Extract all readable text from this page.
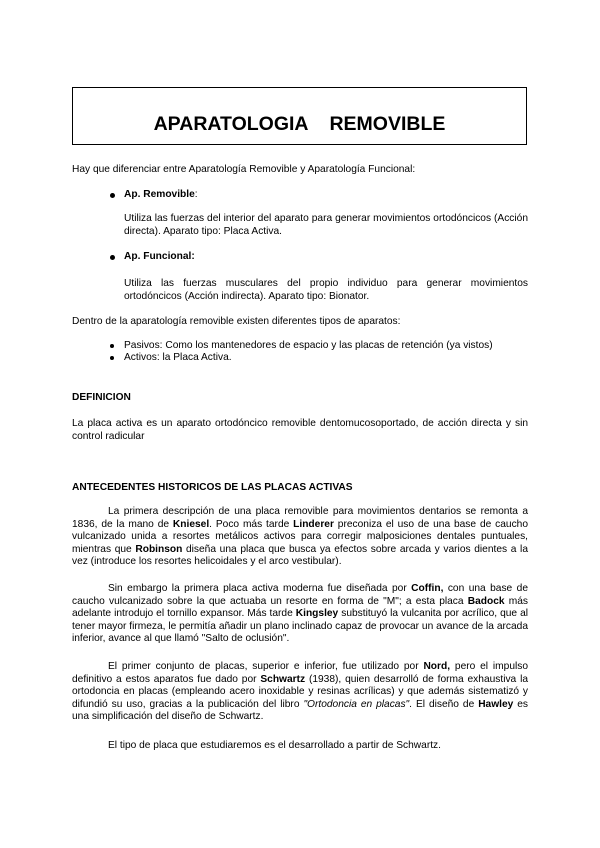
APARATOLOGIA    REMOVIBLE
Hay que diferenciar entre Aparatología Removible y Aparatología Funcional:
Ap. Removible:
Utiliza las fuerzas del interior del aparato para generar movimientos ortodóncicos (Acción directa). Aparato tipo: Placa Activa.
Ap. Funcional:
Utiliza las fuerzas musculares del propio individuo para generar movimientos ortodóncicos (Acción indirecta). Aparato tipo: Bionator.
Dentro de la aparatología removible existen diferentes tipos de aparatos:
Pasivos: Como los mantenedores de espacio y las placas de retención (ya vistos)
Activos: la Placa Activa.
DEFINICION
La placa activa es un aparato ortodóncico removible dentomucosoportado, de acción directa y sin control radicular
ANTECEDENTES HISTORICOS DE LAS PLACAS ACTIVAS

La primera descripción de una placa removible para movimientos dentarios se remonta a 1836, de la mano de Kniesel. Poco más tarde Linderer preconiza el uso de una base de caucho vulcanizado unida a resortes metálicos activos para corregir malposiciones dentales puntuales, mientras que Robinson diseña una placa que busca ya efectos sobre arcada y varios dientes a la vez (introduce los resortes helicoidales y el arco vestibular).

Sin embargo la primera placa activa moderna fue diseñada por Coffin, con una base de caucho vulcanizado sobre la que actuaba un resorte en forma de "M"; a esta placa Badock más adelante introdujo el tornillo expansor. Más tarde Kingsley substituyó la vulcanita por acrílico, que al tener mayor firmeza, le permitía añadir un plano inclinado capaz de provocar un avance de la arcada inferior, avance al que llamó "Salto de oclusión".

El primer conjunto de placas, superior e inferior, fue utilizado por Nord, pero el impulso definitivo a estos aparatos fue dado por Schwartz (1938), quien desarrolló de forma exhaustiva la ortodoncia en placas (empleando acero inoxidable y resinas acrílicas) y que además sistematizó y difundió su uso, gracias a la publicación del libro "Ortodoncia en placas". El diseño de Hawley es una simplificación del diseño de Schwartz.

El tipo de placa que estudiaremos es el desarrollado a partir de Schwartz.
